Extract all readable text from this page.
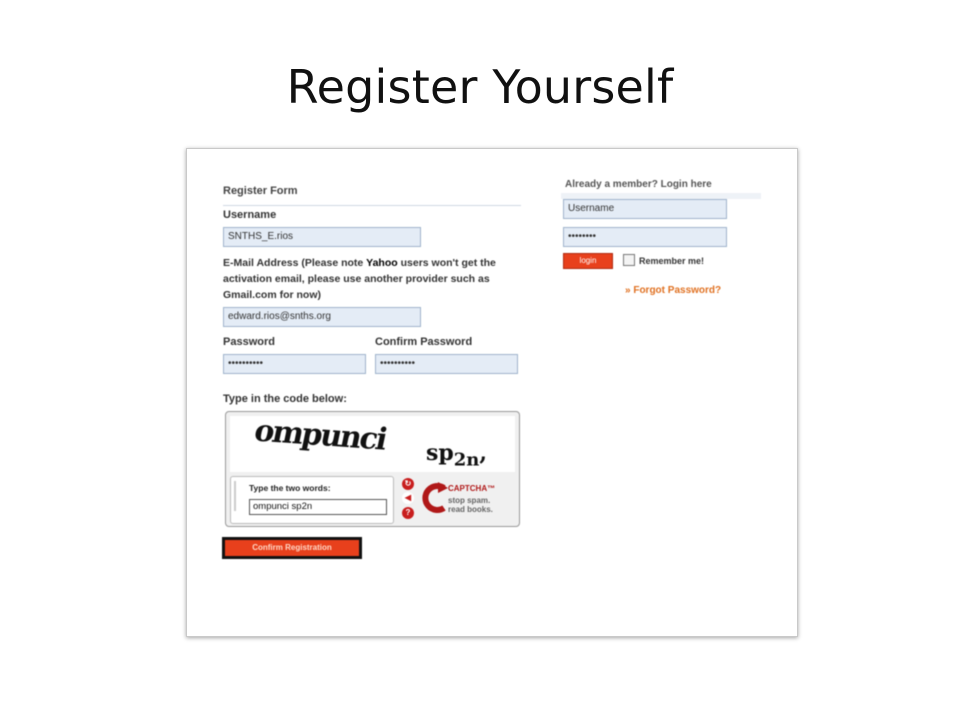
Register Yourself
Register Form
Username
SNTHS_E.rios
E-Mail Address (Please note Yahoo users won't get the
activation email, please use another provider such as
Gmail.com for now)
edward.rios@snths.org
Password
••••••••••
Confirm Password
••••••••••
Type in the code below:
ompunci $sp_{2n}$,
Type the two words:
ompunci sp2n
↻
◀
?
CAPTCHA™
stop spam.
read books.
Confirm Registration
Already a member? Login here
Username
••••••••
login	Remember me!
» Forgot Password?
